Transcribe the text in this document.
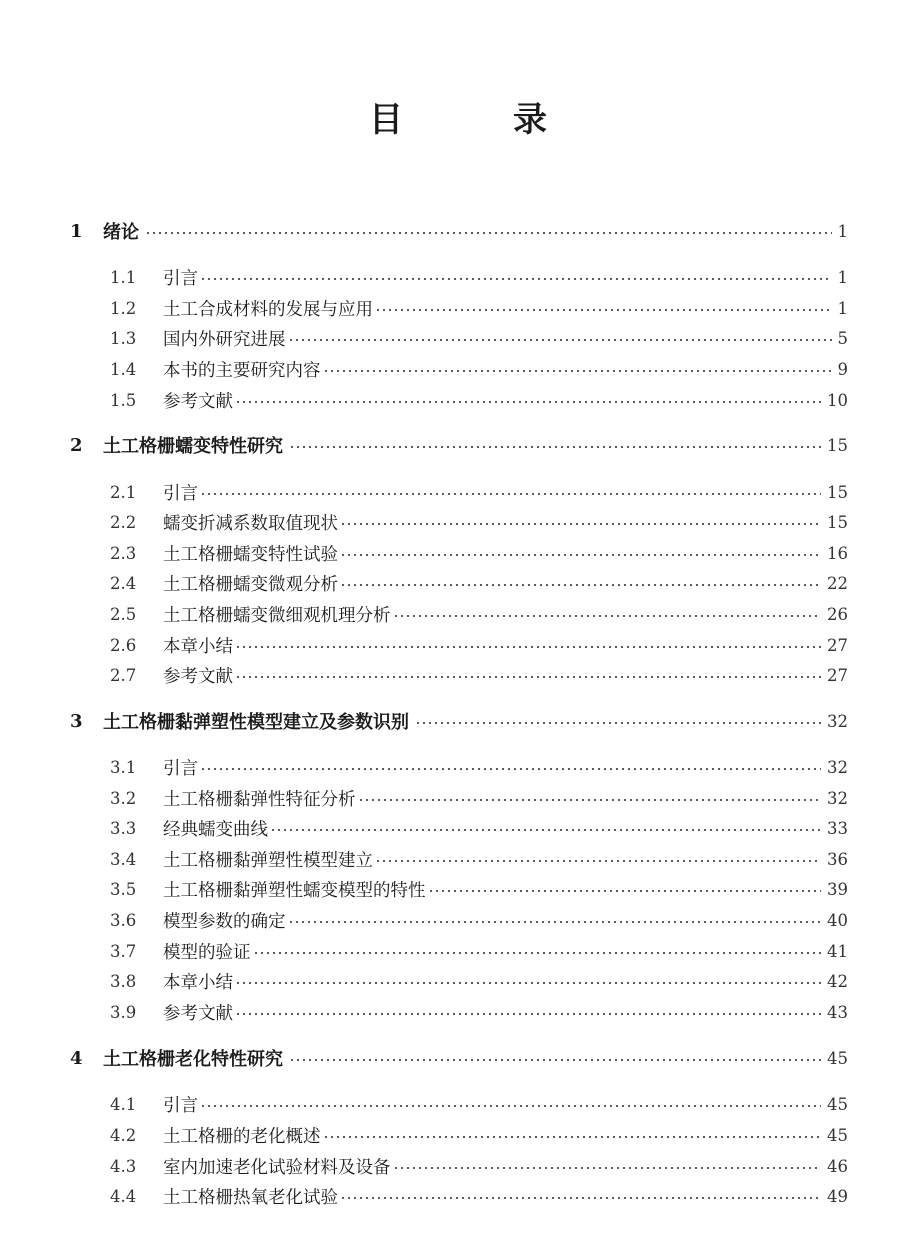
目　录
1	绪论	1
1.1	引言	1
1.2	土工合成材料的发展与应用	1
1.3	国内外研究进展	5
1.4	本书的主要研究内容	9
1.5	参考文献	10
2	土工格栅蠕变特性研究	15
2.1	引言	15
2.2	蠕变折减系数取值现状	15
2.3	土工格栅蠕变特性试验	16
2.4	土工格栅蠕变微观分析	22
2.5	土工格栅蠕变微细观机理分析	26
2.6	本章小结	27
2.7	参考文献	27
3	土工格栅黏弹塑性模型建立及参数识别	32
3.1	引言	32
3.2	土工格栅黏弹性特征分析	32
3.3	经典蠕变曲线	33
3.4	土工格栅黏弹塑性模型建立	36
3.5	土工格栅黏弹塑性蠕变模型的特性	39
3.6	模型参数的确定	40
3.7	模型的验证	41
3.8	本章小结	42
3.9	参考文献	43
4	土工格栅老化特性研究	45
4.1	引言	45
4.2	土工格栅的老化概述	45
4.3	室内加速老化试验材料及设备	46
4.4	土工格栅热氧老化试验	49
